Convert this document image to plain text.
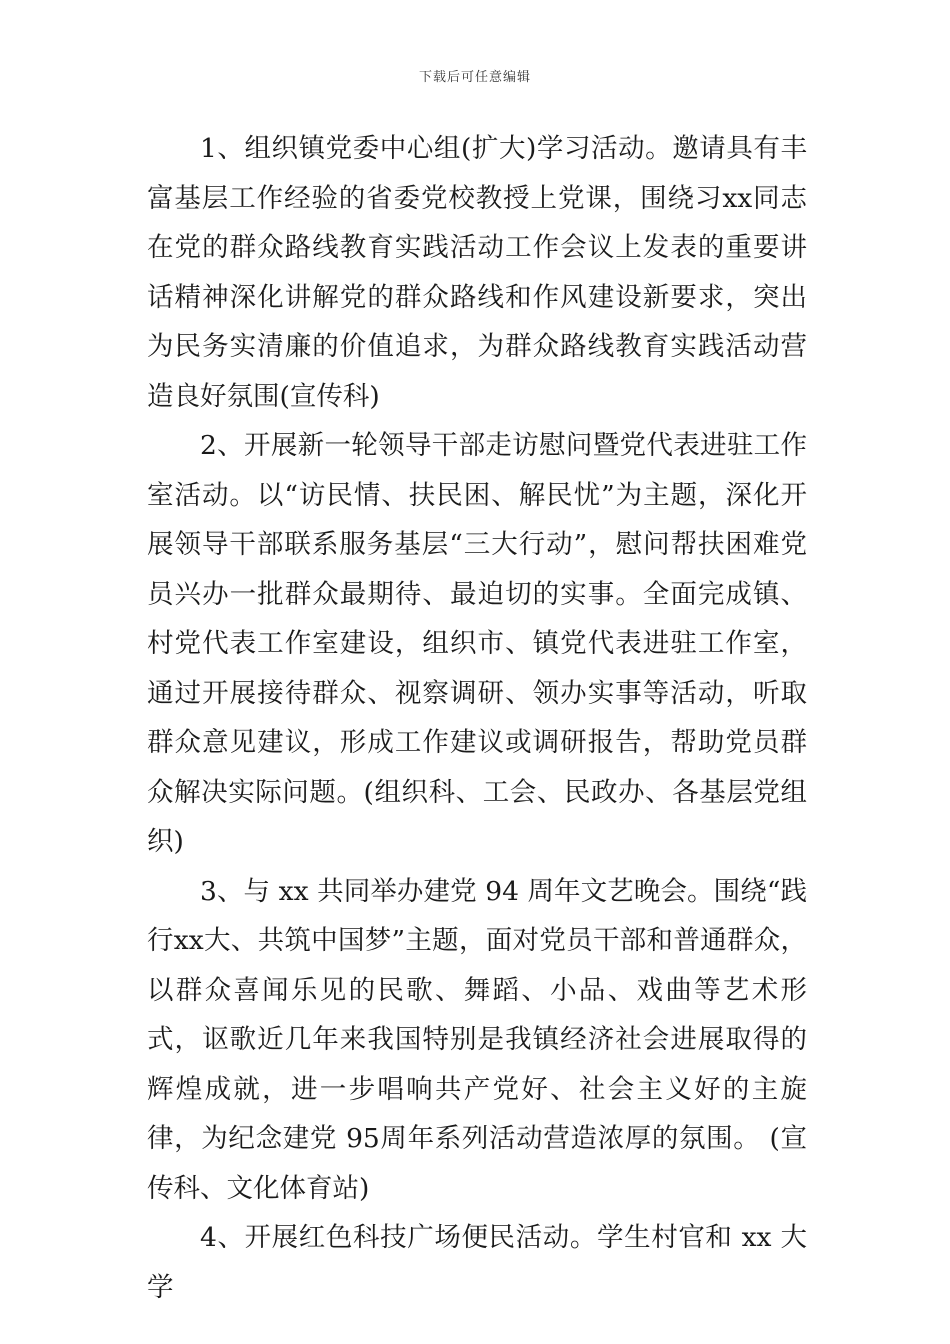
下载后可任意编辑

1、组织镇党委中心组(扩大)学习活动。邀请具有丰富基层工作经验的省委党校教授上党课，围绕习xx同志在党的群众路线教育实践活动工作会议上发表的重要讲话精神深化讲解党的群众路线和作风建设新要求，突出为民务实清廉的价值追求，为群众路线教育实践活动营造良好氛围(宣传科)

2、开展新一轮领导干部走访慰问暨党代表进驻工作室活动。以“访民情、扶民困、解民忧”为主题，深化开展领导干部联系服务基层“三大行动”，慰问帮扶困难党员兴办一批群众最期待、最迫切的实事。全面完成镇、村党代表工作室建设，组织市、镇党代表进驻工作室，通过开展接待群众、视察调研、领办实事等活动，听取群众意见建议，形成工作建议或调研报告，帮助党员群众解决实际问题。(组织科、工会、民政办、各基层党组织)

3、与 xx 共同举办建党 94 周年文艺晚会。围绕“践行xx大、共筑中国梦”主题，面对党员干部和普通群众，以群众喜闻乐见的民歌、舞蹈、小品、戏曲等艺术形式，讴歌近几年来我国特别是我镇经济社会进展取得的辉煌成就，进一步唱响共产党好、社会主义好的主旋律，为纪念建党 95周年系列活动营造浓厚的氛围。 (宣传科、文化体育站)

4、开展红色科技广场便民活动。学生村官和 xx 大学
